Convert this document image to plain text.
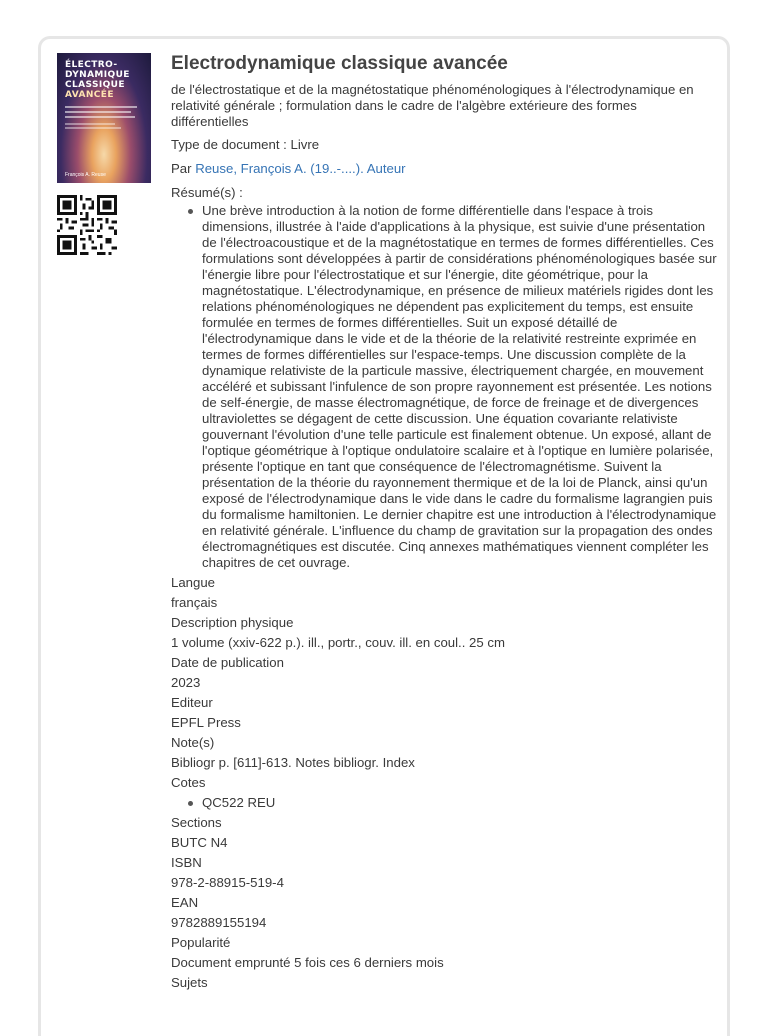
ÉLECTRO-
DYNAMIQUE
CLASSIQUE
AVANCÉE
François A. Reuse
Electrodynamique classique avancée
de l'électrostatique et de la magnétostatique phénoménologiques à l'électrodynamique en relativité générale ; formulation dans le cadre de l'algèbre extérieure des formes différentielles
Type de document : Livre
Par Reuse, François A. (19..-....). Auteur
Résumé(s) :
Une brève introduction à la notion de forme différentielle dans l'espace à trois dimensions, illustrée à l'aide d'applications à la physique, est suivie d'une présentation de l'électroacoustique et de la magnétostatique en termes de formes différentielles. Ces formulations sont développées à partir de considérations phénoménologiques basée sur l'énergie libre pour l'électrostatique et sur l'énergie, dite géométrique, pour la magnétostatique. L'électrodynamique, en présence de milieux matériels rigides dont les relations phénoménologiques ne dépendent pas explicitement du temps, est ensuite formulée en termes de formes différentielles. Suit un exposé détaillé de l'électrodynamique dans le vide et de la théorie de la relativité restreinte exprimée en termes de formes différentielles sur l'espace-temps. Une discussion complète de la dynamique relativiste de la particule massive, électriquement chargée, en mouvement accéléré et subissant l'infulence de son propre rayonnement est présentée. Les notions de self-énergie, de masse électromagnétique, de force de freinage et de divergences ultraviolettes se dégagent de cette discussion. Une équation covariante relativiste gouvernant l'évolution d'une telle particule est finalement obtenue. Un exposé, allant de l'optique géométrique à l'optique ondulatoire scalaire et à l'optique en lumière polarisée, présente l'optique en tant que conséquence de l'électromagnétisme. Suivent la présentation de la théorie du rayonnement thermique et de la loi de Planck, ainsi qu'un exposé de l'électrodynamique dans le vide dans le cadre du formalisme lagrangien puis du formalisme hamiltonien. Le dernier chapitre est une introduction à l'électrodynamique en relativité générale. L'influence du champ de gravitation sur la propagation des ondes électromagnétiques est discutée. Cinq annexes mathématiques viennent compléter les chapitres de cet ouvrage.
Langue
français
Description physique
1 volume (xxiv-622 p.). ill., portr., couv. ill. en coul.. 25 cm
Date de publication
2023
Editeur
EPFL Press
Note(s)
Bibliogr p. [611]-613. Notes bibliogr. Index
Cotes
QC522 REU
Sections
BUTC N4
ISBN
978-2-88915-519-4
EAN
9782889155194
Popularité
Document emprunté 5 fois ces 6 derniers mois
Sujets
